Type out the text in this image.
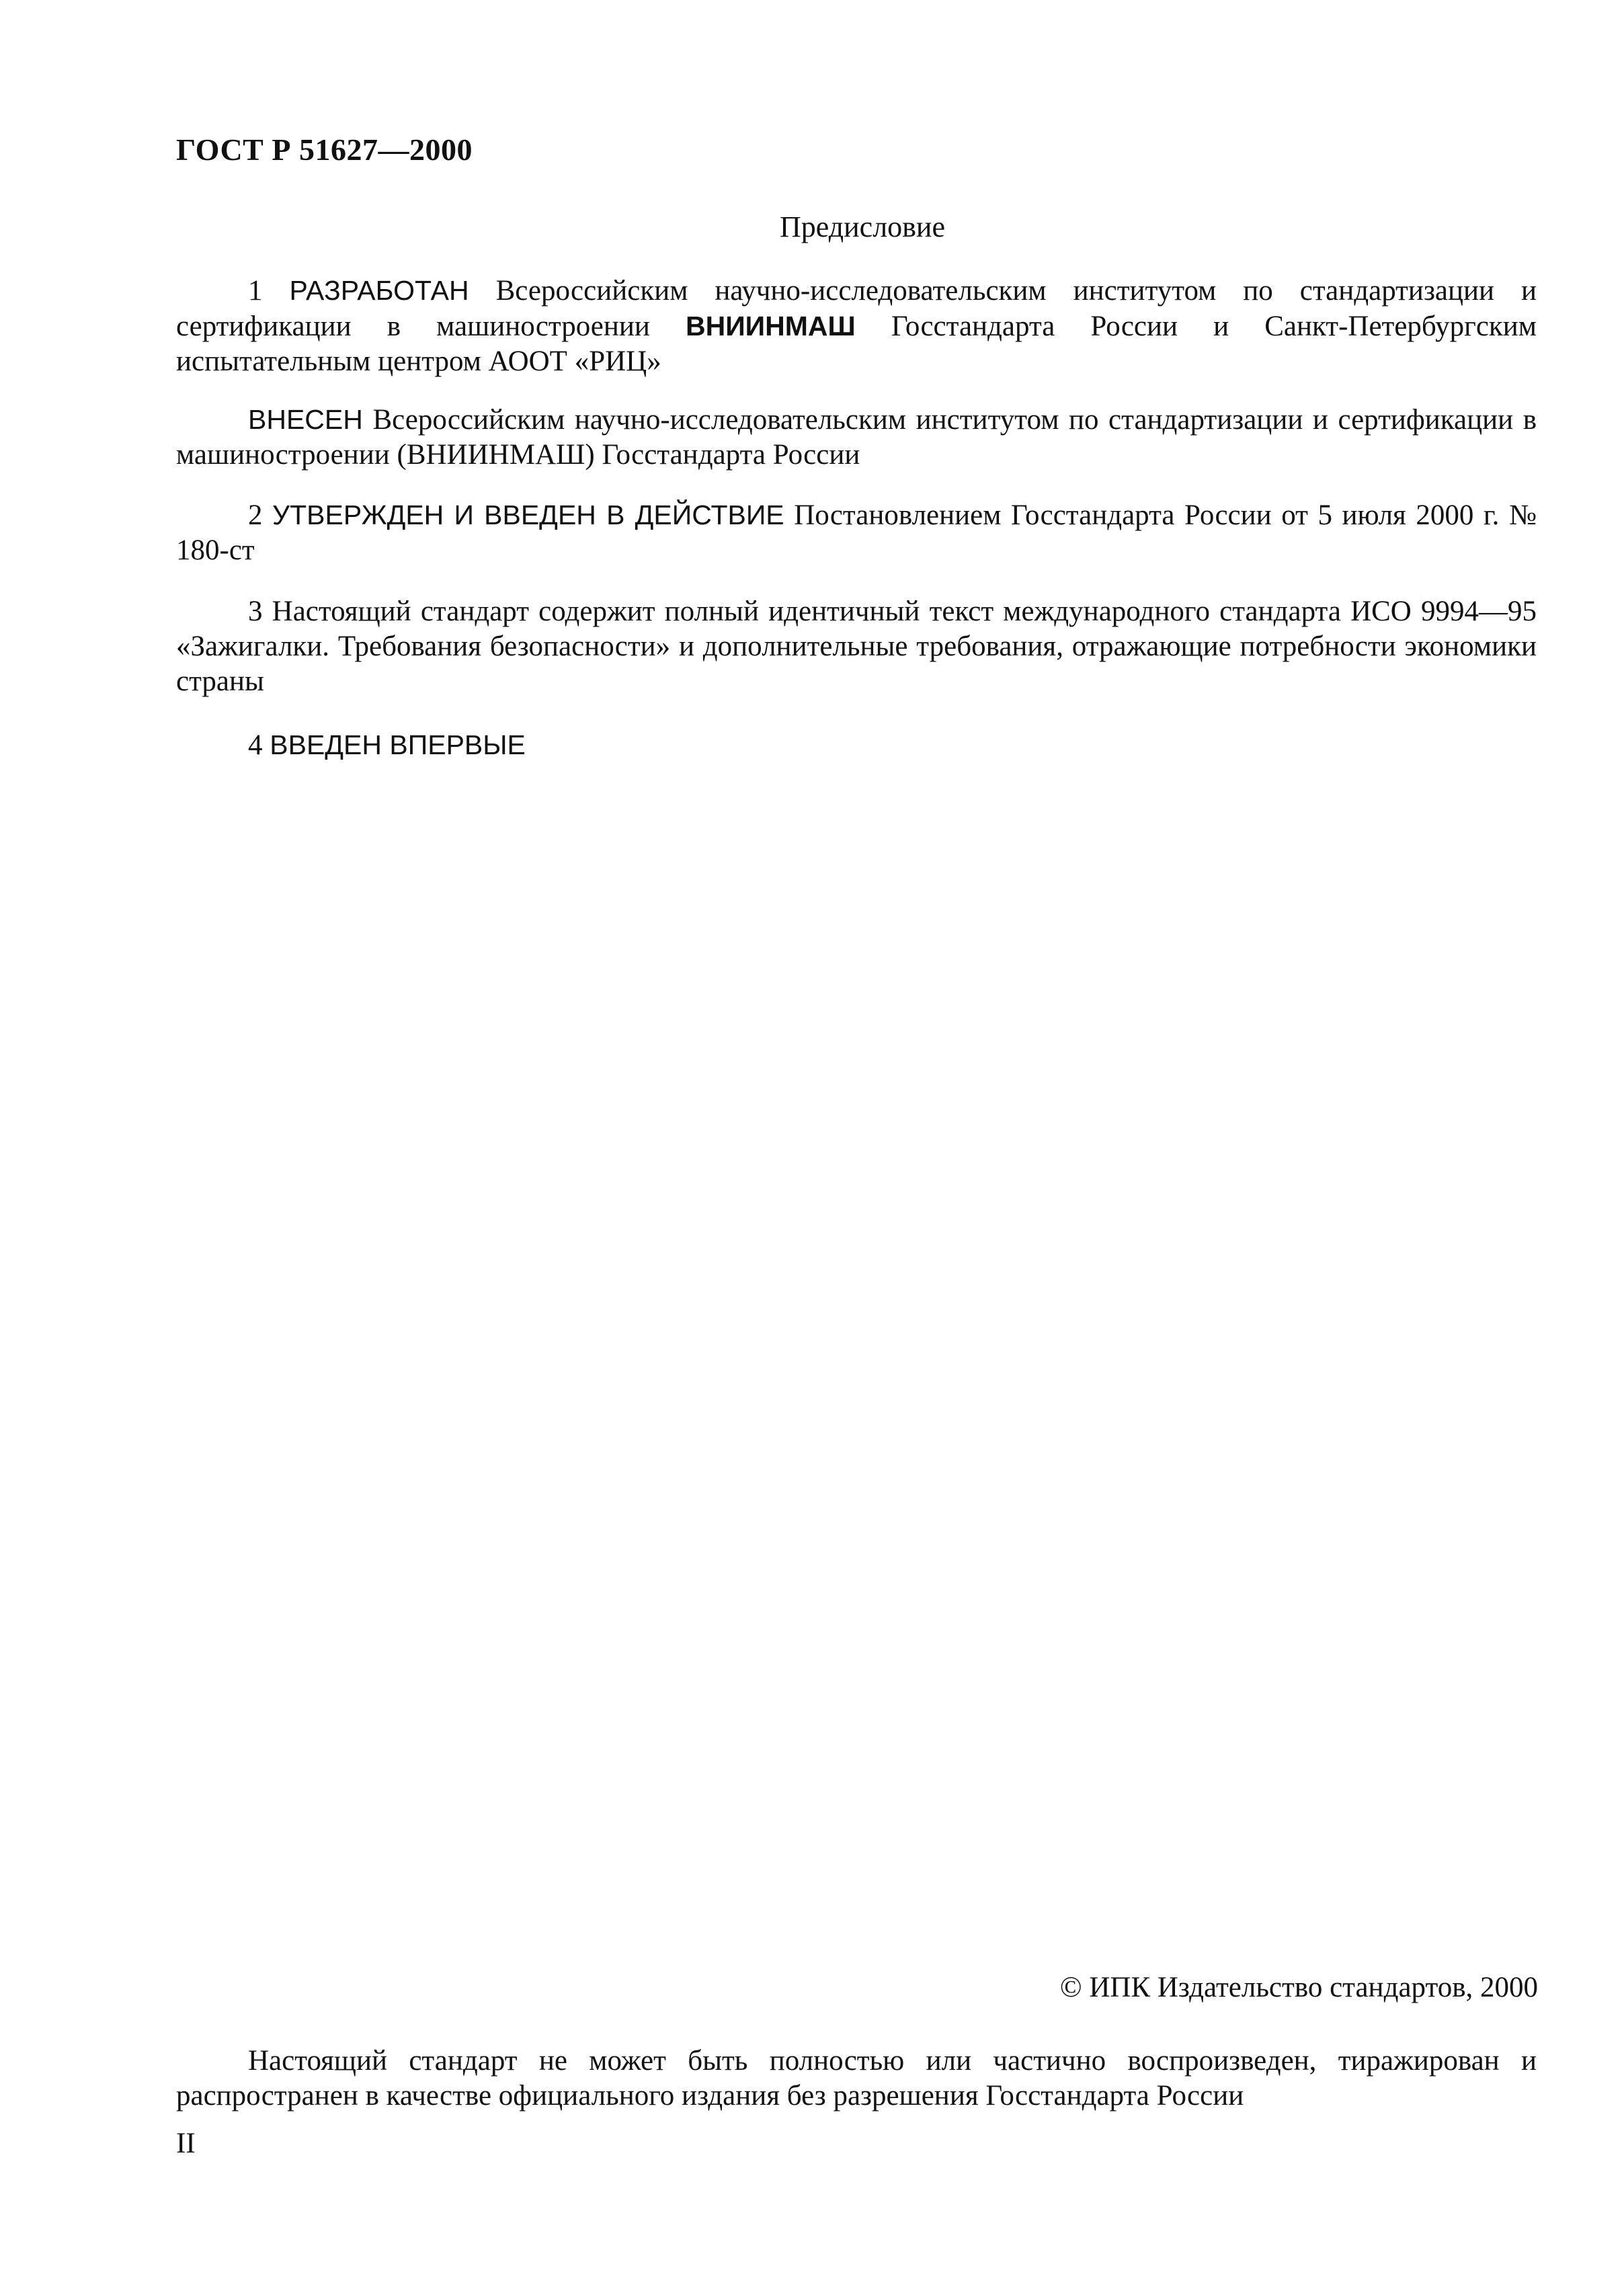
ГОСТ Р 51627—2000

Предисловие

1 РАЗРАБОТАН Всероссийским научно-исследовательским институтом по стандартизации и сертификации в машиностроении ВНИИНМАШ Госстандарта России и Санкт-Петербургским испытательным центром АООТ «РИЦ»

ВНЕСЕН Всероссийским научно-исследовательским институтом по стандартизации и сертификации в машиностроении (ВНИИНМАШ) Госстандарта России

2 УТВЕРЖДЕН И ВВЕДЕН В ДЕЙСТВИЕ Постановлением Госстандарта России от 5 июля 2000 г. № 180-ст

3 Настоящий стандарт содержит полный идентичный текст международного стандарта ИСО 9994—95 «Зажигалки. Требования безопасности» и дополнительные требования, отражающие потребности экономики страны

4 ВВЕДЕН ВПЕРВЫЕ

© ИПК Издательство стандартов, 2000

Настоящий стандарт не может быть полностью или частично воспроизведен, тиражирован и распространен в качестве официального издания без разрешения Госстандарта России

II
